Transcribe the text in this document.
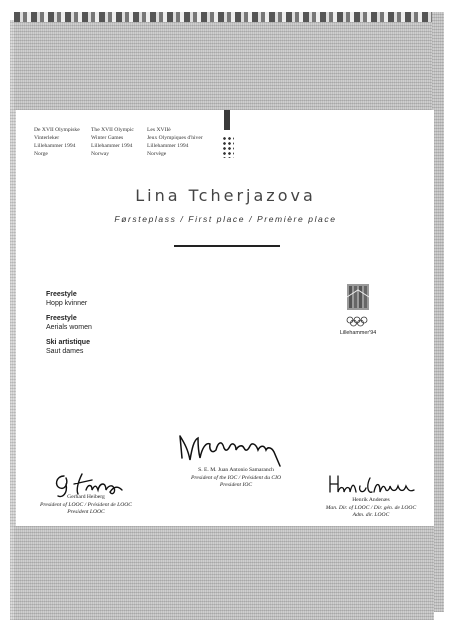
De XVII Olympiske
Vinterleker
Lillehammer 1994
Norge
The XVII Olympic
Winter Games
Lillehammer 1994
Norway
Les XVIIè
Jeux Olympiques d'hiver
Lillehammer 1994
Norvège
Lina Tcherjazova
Førsteplass / First place / Première place
Freestyle
Hopp kvinner
Freestyle
Aerials women
Ski artistique
Saut dames
Lillehammer'94
S. E. M. Juan Antonio Samaranch
President of the IOC / Président du CIO
President IOC
Gerhard Heiberg
President of LOOC / Président de LOOC
President LOOC
Henrik Andenæs
Man. Dir. of LOOC / Dir. gén. de LOOC
Adm. dir. LOOC
